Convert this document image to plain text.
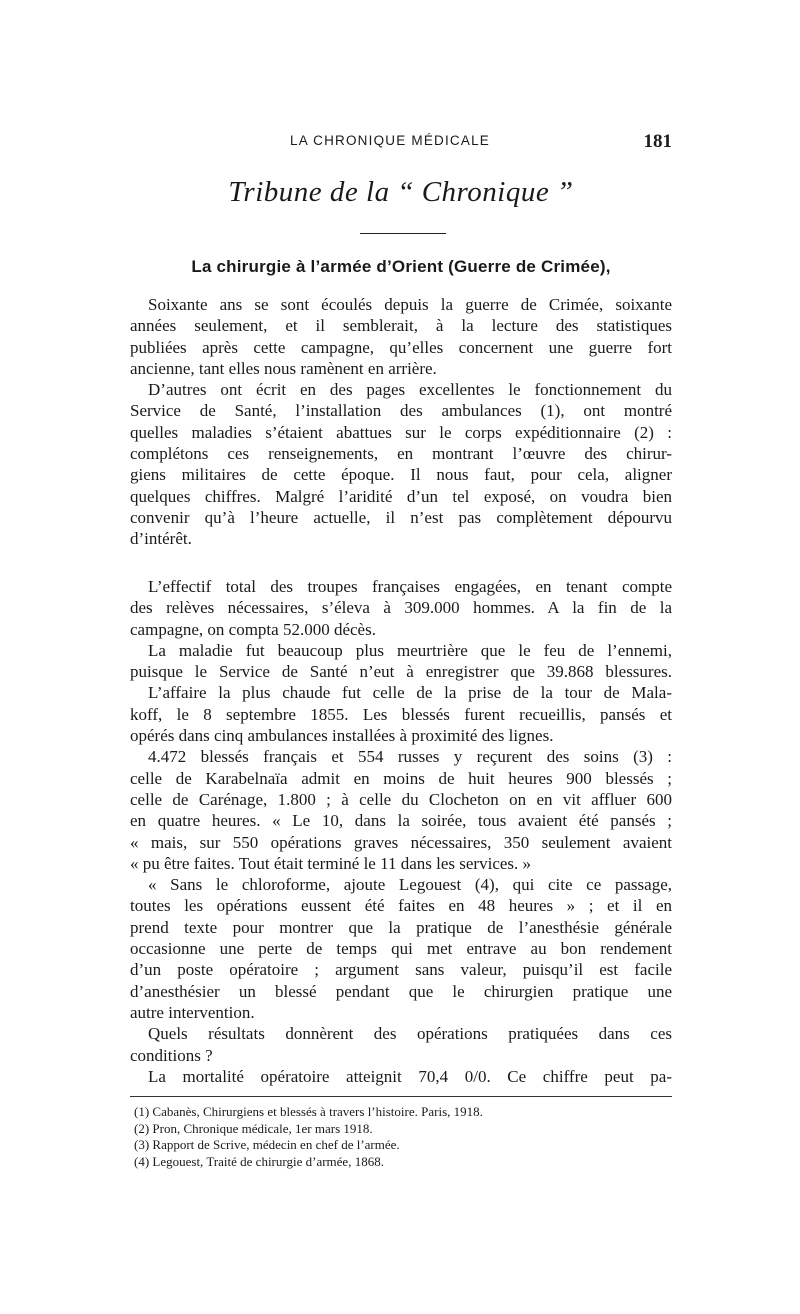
LA CHRONIQUE MÉDICALE	181
Tribune de la “ Chronique ”
La chirurgie à l’armée d’Orient (Guerre de Crimée),
Soixante ans se sont écoulés depuis la guerre de Crimée, soixante
années seulement, et il semblerait, à la lecture des statistiques
publiées après cette campagne, qu’elles concernent une guerre fort
ancienne, tant elles nous ramènent en arrière.
D’autres ont écrit en des pages excellentes le fonctionnement du
Service de Santé, l’installation des ambulances (1), ont montré
quelles maladies s’étaient abattues sur le corps expéditionnaire (2) :
complétons ces renseignements, en montrant l’œuvre des chirur-
giens militaires de cette époque. Il nous faut, pour cela, aligner
quelques chiffres. Malgré l’aridité d’un tel exposé, on voudra bien
convenir qu’à l’heure actuelle, il n’est pas complètement dépourvu
d’intérêt.
L’effectif total des troupes françaises engagées, en tenant compte
des relèves nécessaires, s’éleva à 309.000 hommes. A la fin de la
campagne, on compta 52.000 décès.
La maladie fut beaucoup plus meurtrière que le feu de l’ennemi,
puisque le Service de Santé n’eut à enregistrer que 39.868 blessures.
L’affaire la plus chaude fut celle de la prise de la tour de Mala-
koff, le 8 septembre 1855. Les blessés furent recueillis, pansés et
opérés dans cinq ambulances installées à proximité des lignes.
4.472 blessés français et 554 russes y reçurent des soins (3) :
celle de Karabelnaïa admit en moins de huit heures 900 blessés ;
celle de Carénage, 1.800 ; à celle du Clocheton on en vit affluer 600
en quatre heures. « Le 10, dans la soirée, tous avaient été pansés ;
« mais, sur 550 opérations graves nécessaires, 350 seulement avaient
« pu être faites. Tout était terminé le 11 dans les services. »
« Sans le chloroforme, ajoute Legouest (4), qui cite ce passage,
toutes les opérations eussent été faites en 48 heures » ; et il en
prend texte pour montrer que la pratique de l’anesthésie générale
occasionne une perte de temps qui met entrave au bon rendement
d’un poste opératoire ; argument sans valeur, puisqu’il est facile
d’anesthésier un blessé pendant que le chirurgien pratique une
autre intervention.
Quels résultats donnèrent des opérations pratiquées dans ces
conditions ?
La mortalité opératoire atteignit 70,4 0/0. Ce chiffre peut pa-
(1) Cabanès, Chirurgiens et blessés à travers l’histoire. Paris, 1918.
(2) Pron, Chronique médicale, 1er mars 1918.
(3) Rapport de Scrive, médecin en chef de l’armée.
(4) Legouest, Traité de chirurgie d’armée, 1868.
